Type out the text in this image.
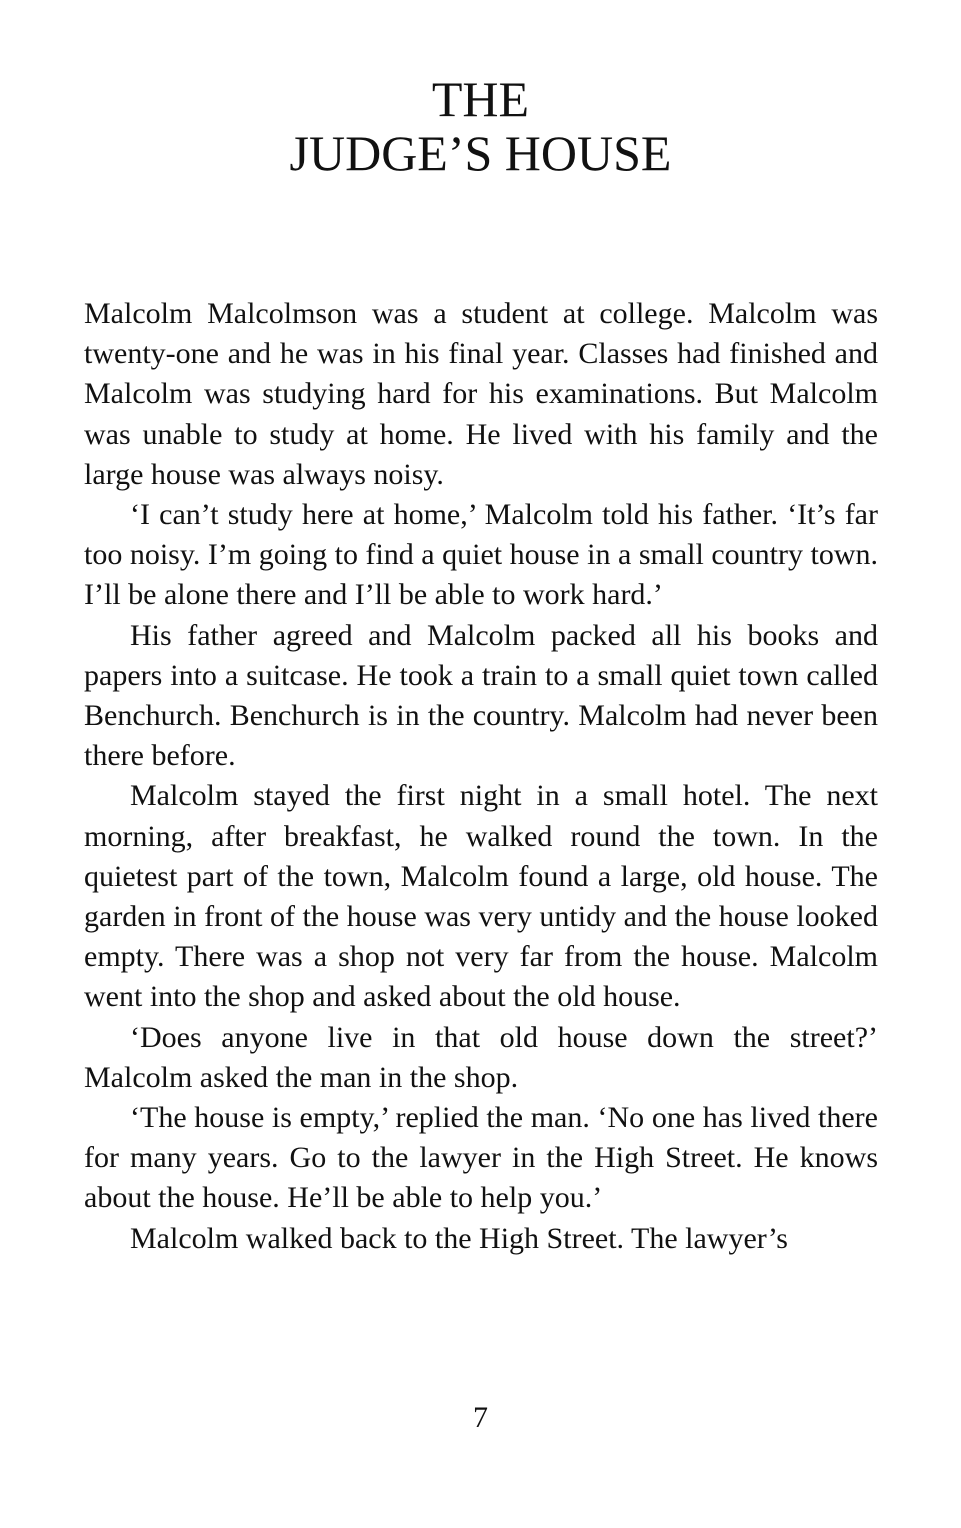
THE
JUDGE’S HOUSE

Malcolm Malcolmson was a student at college. Malcolm was twenty-one and he was in his final year. Classes had finished and Malcolm was studying hard for his examinations. But Malcolm was unable to study at home. He lived with his family and the large house was always noisy.

‘I can’t study here at home,’ Malcolm told his father. ‘It’s far too noisy. I’m going to find a quiet house in a small country town. I’ll be alone there and I’ll be able to work hard.’

His father agreed and Malcolm packed all his books and papers into a suitcase. He took a train to a small quiet town called Benchurch. Benchurch is in the country. Malcolm had never been there before.

Malcolm stayed the first night in a small hotel. The next morning, after breakfast, he walked round the town. In the quietest part of the town, Malcolm found a large, old house. The garden in front of the house was very untidy and the house looked empty. There was a shop not very far from the house. Malcolm went into the shop and asked about the old house.

‘Does anyone live in that old house down the street?’ Malcolm asked the man in the shop.

‘The house is empty,’ replied the man. ‘No one has lived there for many years. Go to the lawyer in the High Street. He knows about the house. He’ll be able to help you.’

Malcolm walked back to the High Street. The lawyer’s

7
